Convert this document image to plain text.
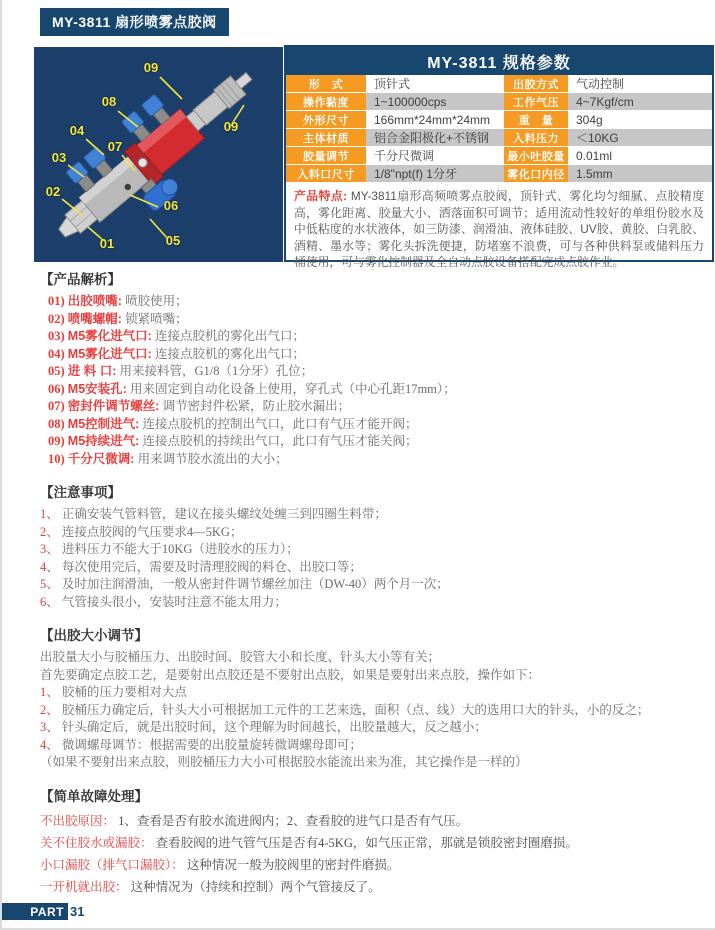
MY-3811 扇形喷雾点胶阀
09
08
04
07
03
02
06
01	05
09
MY-3811 规格参数
形　式	顶针式	出胶方式	气动控制
操作黏度	1~100000cps	工作气压	4~7Kgf/cm
外形尺寸	166mm*24mm*24mm	重　量	304g
主体材质	铝合金阳极化+不锈钢	入料压力	＜10KG
胶量调节	千分尺微调	最小吐胶量 0.01ml
入料口尺寸	1/8"npt(f) 1分牙	雾化口内径 1.5mm

产品特点: MY-3811扇形高频喷雾点胶阀，顶针式、雾化均匀细腻、点胶精度高，雾化距离、胶量大小、洒落面积可调节；适用流动性较好的单组份胶水及中低粘度的水状液体，如三防漆、润滑油、液体硅胶、UV胶、黄胶、白乳胶、酒精、墨水等；雾化头拆洗便捷，防堵塞不浪费，可与各种供料泵或储料压力桶使用，可与雾化控制器及全自动点胶设备搭配完成点胶作业。

【产品解析】
01) 出胶喷嘴: 喷胶使用；
02) 喷嘴螺帽: 锁紧喷嘴；
03) M5雾化进气口: 连接点胶机的雾化出气口；
04) M5雾化进气口: 连接点胶机的雾化出气口；
05) 进 料 口: 用来接料管，G1/8（1分牙）孔位；
06) M5安装孔: 用来固定到自动化设备上使用，穿孔式（中心孔距17mm）；
07) 密封件调节螺丝: 调节密封件松紧，防止胶水漏出；
08) M5控制进气: 连接点胶机的控制出气口，此口有气压才能开阀；
09) M5持续进气: 连接点胶机的持续出气口，此口有气压才能关阀；
10) 千分尺微调: 用来调节胶水流出的大小；
【注意事项】
1、 正确安装气管料管，建议在接头螺纹处缠三到四圈生料带；
2、 连接点胶阀的气压要求4—5KG；
3、 进料压力不能大于10KG（进胶水的压力）；
4、 每次使用完后，需要及时清理胶阀的料仓、出胶口等；
5、 及时加注润滑油，一般从密封件调节螺丝加注（DW-40）两个月一次；
6、 气管接头很小，安装时注意不能太用力；
【出胶大小调节】
出胶量大小与胶桶压力、出胶时间、胶管大小和长度、针头大小等有关；
首先要确定点胶工艺，是要射出点胶还是不要射出点胶，如果是要射出来点胶，操作如下：
1、 胶桶的压力要相对大点
2、 胶桶压力确定后，针头大小可根据加工元件的工艺来选，面积（点、线）大的选用口大的针头，小的反之；
3、 针头确定后，就是出胶时间，这个理解为时间越长，出胶量越大，反之越小；
4、 微调螺母调节：根据需要的出胶量旋转微调螺母即可；
（如果不要射出来点胶，则胶桶压力大小可根据胶水能流出来为准，其它操作是一样的）
【简单故障处理】
不出胶原因： 1、查看是否有胶水流进阀内；2、查看胶的进气口是否有气压。
关不住胶水或漏胶： 查看胶阀的进气管气压是否有4-5KG，如气压正常，那就是锁胶密封圈磨损。
小口漏胶（排气口漏胶）： 这种情况一般为胶阀里的密封件磨损。
一开机就出胶： 这种情况为（持续和控制）两个气管接反了。
PART 31
